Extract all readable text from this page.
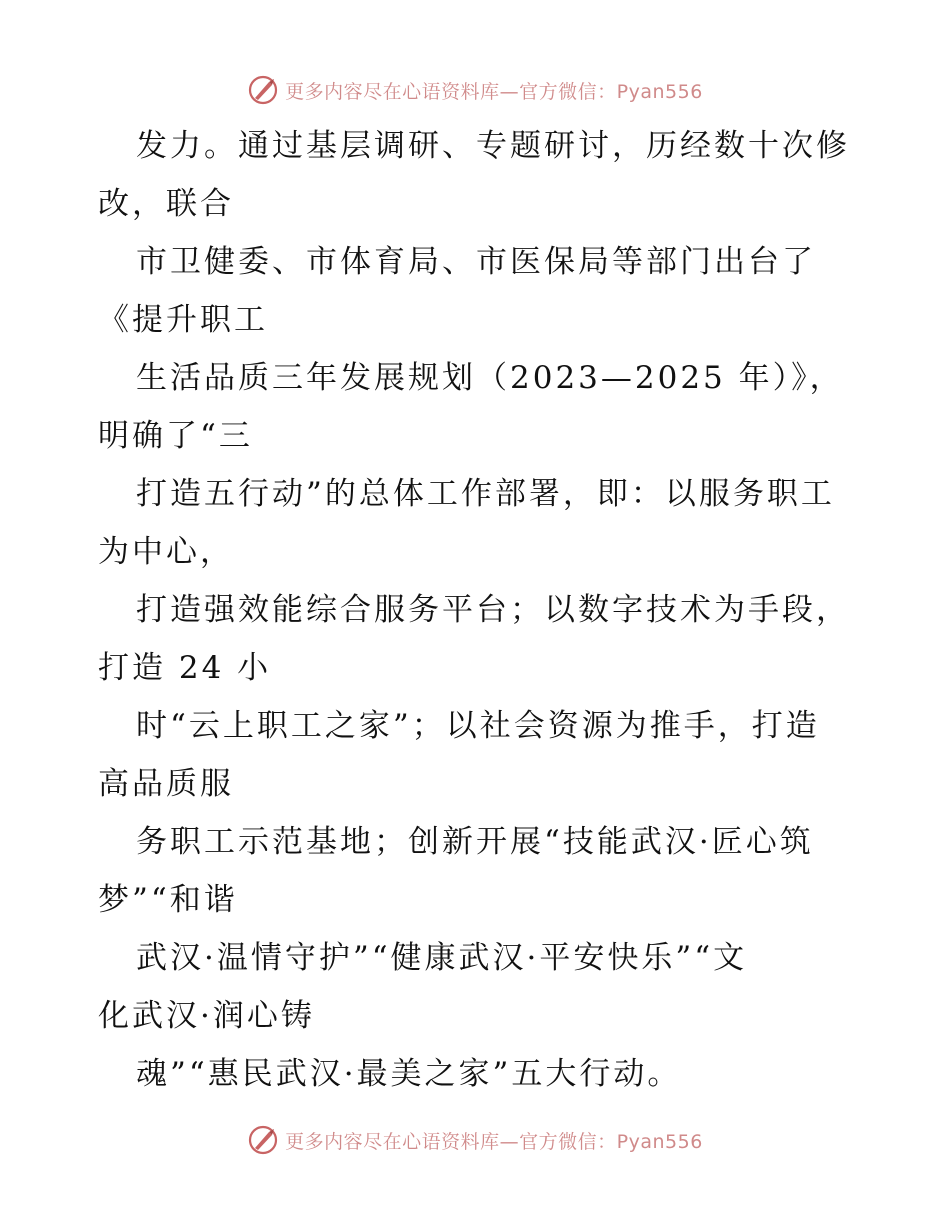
更多内容尽在心语资料库—官方微信：Pyan556
发力。通过基层调研、专题研讨，历经数十次修
改，联合
市卫健委、市体育局、市医保局等部门出台了
《提升职工
生活品质三年发展规划（2023—2025 年）》，
明确了“三
打造五行动”的总体工作部署，即：以服务职工
为中心，
打造强效能综合服务平台；以数字技术为手段，
打造 24 小
时“云上职工之家”；以社会资源为推手，打造
高品质服
务职工示范基地；创新开展“技能武汉·匠心筑
梦”“和谐
武汉·温情守护”“健康武汉·平安快乐”“文
化武汉·润心铸
魂”“惠民武汉·最美之家”五大行动。
更多内容尽在心语资料库—官方微信：Pyan556
